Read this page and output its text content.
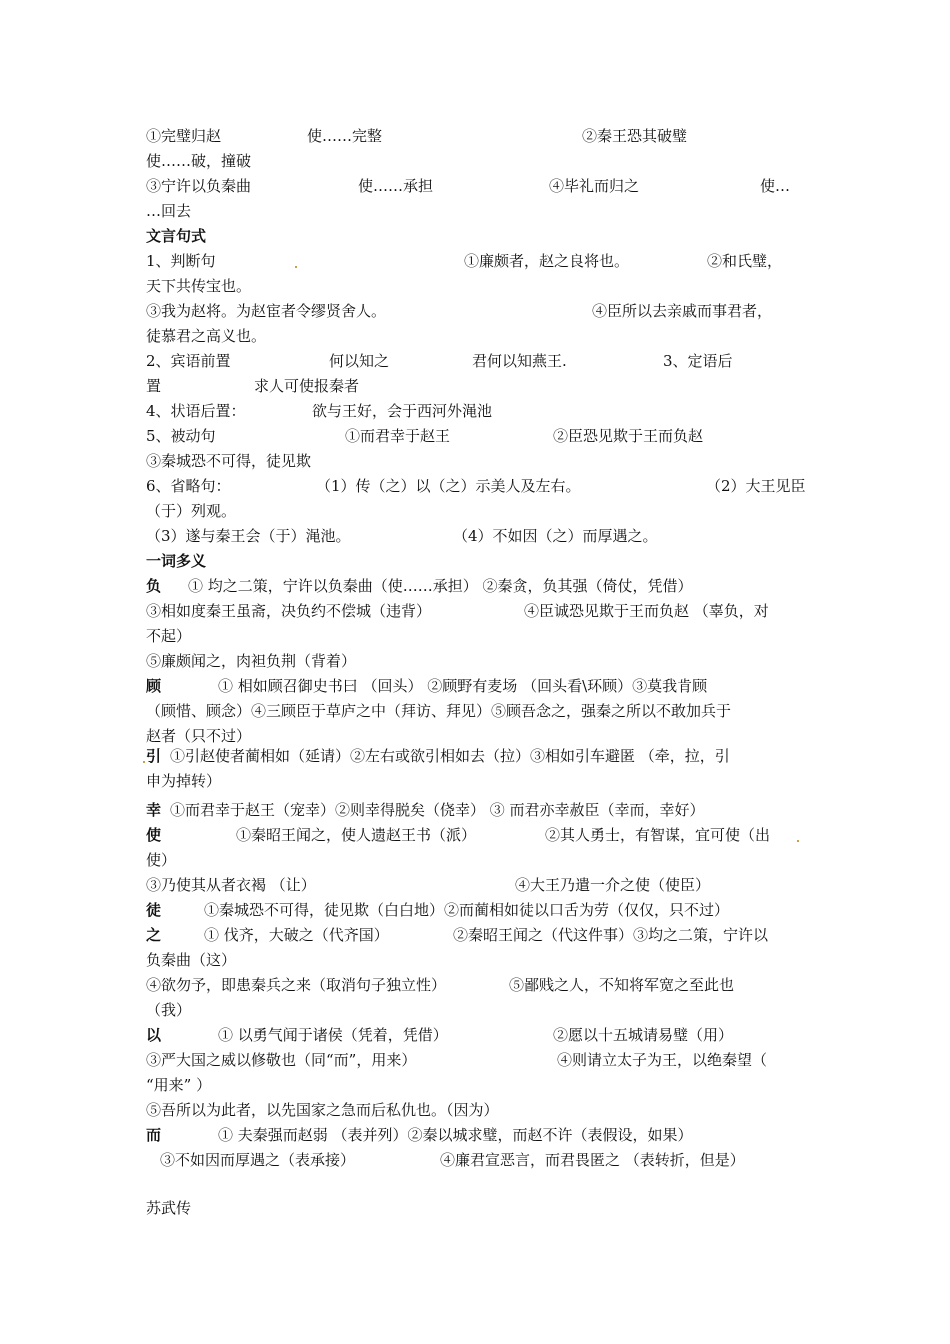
①完璧归赵	使……完整	②秦王恐其破璧
使……破，撞破
③宁许以负秦曲	使……承担	④毕礼而归之	使…
…回去
文言句式
1、判断句	①廉颇者，赵之良将也。	②和氏璧，
天下共传宝也。
③我为赵将。为赵宦者令缪贤舍人。	④臣所以去亲戚而事君者，
徒慕君之高义也。
2、宾语前置	何以知之	君何以知燕王.	3、定语后
置	求人可使报秦者
4、状语后置：	欲与王好，会于西河外渑池
5、被动句	①而君幸于赵王	②臣恐见欺于王而负赵
③秦城恐不可得，徒见欺
6、省略句：	（1）传（之）以（之）示美人及左右。	（2）大王见臣
（于）列观。
（3）遂与秦王会（于）渑池。	（4）不如因（之）而厚遇之。
一词多义
负 ① 均之二策，宁许以负秦曲（使……承担） ②秦贪，负其强（倚仗，凭借）
③相如度秦王虽斋，决负约不偿城（违背）	④臣诚恐见欺于王而负赵 （辜负，对
不起）
⑤廉颇闻之，肉袒负荆（背着）
顾	① 相如顾召御史书曰 （回头） ②顾野有麦场 （回头看\环顾）③莫我肯顾
（顾惜、顾念）④三顾臣于草庐之中（拜访、拜见）⑤顾吾念之，强秦之所以不敢加兵于
赵者（只不过）
引 ①引赵使者蔺相如（延请）②左右或欲引相如去（拉）③相如引车避匿 （牵，拉，引
申为掉转）
幸 ①而君幸于赵王（宠幸）②则幸得脱矣（侥幸） ③ 而君亦幸赦臣（幸而，幸好）
使	①秦昭王闻之，使人遗赵王书（派）	②其人勇士，有智谋，宜可使（出
使）
③乃使其从者衣褐 （让）	④大王乃遣一介之使（使臣）
徒	①秦城恐不可得，徒见欺（白白地）②而蔺相如徒以口舌为劳（仅仅，只不过）
之	① 伐齐，大破之（代齐国）	②秦昭王闻之（代这件事）③均之二策，宁许以
负秦曲（这）
④欲勿予，即患秦兵之来（取消句子独立性）	⑤鄙贱之人，不知将军宽之至此也
（我）
以	① 以勇气闻于诸侯（凭着，凭借）	②愿以十五城请易璧（用）
③严大国之威以修敬也（同“而”，用来）	④则请立太子为王，以绝秦望（
“用来” ）
⑤吾所以为此者，以先国家之急而后私仇也。（因为）
而	① 夫秦强而赵弱 （表并列）②秦以城求璧，而赵不许（表假设，如果）
③不如因而厚遇之（表承接）	④廉君宣恶言，而君畏匿之 （表转折，但是）
苏武传
